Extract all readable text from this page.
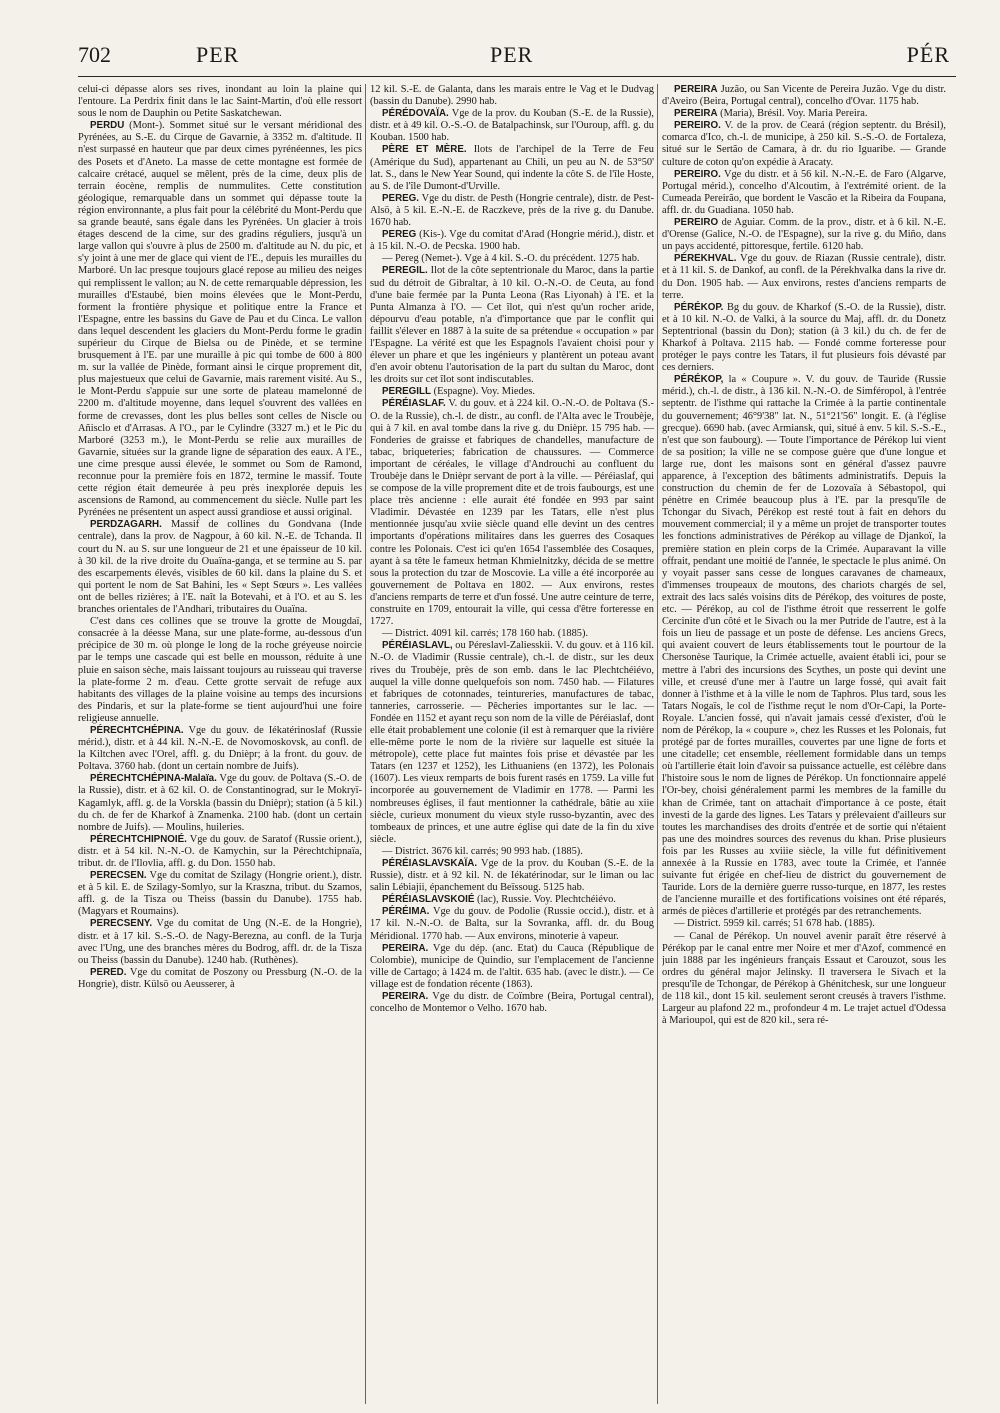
702	PER	PER	PÉR

celui-ci dépasse alors ses rives, inondant au loin la plaine qui l'entoure. La Perdrix finit dans le lac Saint-Martin, d'où elle ressort sous le nom de Dauphin ou Petite Saskatchewan.

PERDU (Mont-). Sommet situé sur le versant méridional des Pyrénées, au S.-E. du Cirque de Gavarnie, à 3352 m. d'altitude. Il n'est surpassé en hauteur que par deux cimes pyrénéennes, les pics des Posets et d'Aneto. La masse de cette montagne est formée de calcaire crétacé, auquel se mêlent, près de la cime, deux plis de terrain éocène, remplis de nummulites. Cette constitution géologique, remarquable dans un sommet qui dépasse toute la région environnante, a plus fait pour la célébrité du Mont-Perdu que sa grande beauté, sans égale dans les Pyrénées. Un glacier à trois étages descend de la cime, sur des gradins réguliers, jusqu'à un large vallon qui s'ouvre à plus de 2500 m. d'altitude au N. du pic, et s'y joint à une mer de glace qui vient de l'E., depuis les murailles du Marboré. Un lac presque toujours glacé repose au milieu des neiges qui remplissent le vallon; au N. de cette remarquable dépression, les murailles d'Estaubé, bien moins élevées que le Mont-Perdu, forment la frontière physique et politique entre la France et l'Espagne, entre les bassins du Gave de Pau et du Cinca. Le vallon dans lequel descendent les glaciers du Mont-Perdu forme le gradin supérieur du Cirque de Bielsa ou de Pinède, et se termine brusquement à l'E. par une muraille à pic qui tombe de 600 à 800 m. sur la vallée de Pinède, formant ainsi le cirque proprement dit, plus majestueux que celui de Gavarnie, mais rarement visité. Au S., le Mont-Perdu s'appuie sur une sorte de plateau mamelonné de 2200 m. d'altitude moyenne, dans lequel s'ouvrent des vallées en forme de crevasses, dont les plus belles sont celles de Niscle ou Añisclo et d'Arrasas. A l'O., par le Cylindre (3327 m.) et le Pic du Marboré (3253 m.), le Mont-Perdu se relie aux murailles de Gavarnie, situées sur la grande ligne de séparation des eaux. A l'E., une cime presque aussi élevée, le sommet ou Som de Ramond, reconnue pour la première fois en 1872, termine le massif. Toute cette région était demeurée à peu près inexplorée depuis les ascensions de Ramond, au commencement du siècle. Nulle part les Pyrénées ne présentent un aspect aussi grandiose et aussi original.

PERDZAGARH. Massif de collines du Gondvana (Inde centrale), dans la prov. de Nagpour, à 60 kil. N.-E. de Tchanda. Il court du N. au S. sur une longueur de 21 et une épaisseur de 10 kil. à 30 kil. de la rive droite du Ouaïna-ganga, et se termine au S. par des escarpements élevés, visibles de 60 kil. dans la plaine du S. et qui portent le nom de Sat Bahini, les « Sept Sœurs ». Les vallées ont de belles rizières; à l'E. naît la Botevahi, et à l'O. et au S. les branches orientales de l'Andhari, tributaires du Ouaïna.

C'est dans ces collines que se trouve la grotte de Mougdaï, consacrée à la déesse Mana, sur une plate-forme, au-dessous d'un précipice de 30 m. où plonge le long de la roche gréyeuse noircie par le temps une cascade qui est belle en mousson, réduite à une pluie en saison sèche, mais laissant toujours au ruisseau qui traverse la plate-forme 2 m. d'eau. Cette grotte servait de refuge aux habitants des villages de la plaine voisine au temps des incursions des Pindaris, et sur la plate-forme se tient aujourd'hui une foire religieuse annuelle.

PÉRECHTCHÉPINA. Vge du gouv. de Iékatérinoslaf (Russie mérid.), distr. et à 44 kil. N.-N.-E. de Novomoskovsk, au confl. de la Kiltchen avec l'Orel, affl. g. du Dnièpr; à la front. du gouv. de Poltava. 3760 hab. (dont un certain nombre de Juifs).

PÉRECHTCHÉPINA-Malaïa. Vge du gouv. de Poltava (S.-O. de la Russie), distr. et à 62 kil. O. de Constantinograd, sur le Mokryï-Kagamlyk, affl. g. de la Vorskla (bassin du Dnièpr); station (à 5 kil.) du ch. de fer de Kharkof à Znamenka. 2100 hab. (dont un certain nombre de Juifs). — Moulins, huileries.

PÉRECHTCHIPNOIÉ. Vge du gouv. de Saratof (Russie orient.), distr. et à 54 kil. N.-N.-O. de Kamychin, sur la Pérechtchipnaïa, tribut. dr. de l'Ilovlia, affl. g. du Don. 1550 hab.

PERECSEN. Vge du comitat de Szilagy (Hongrie orient.), distr. et à 5 kil. E. de Szilagy-Somlyo, sur la Kraszna, tribut. du Szamos, affl. g. de la Tisza ou Theiss (bassin du Danube). 1755 hab. (Magyars et Roumains).

PERECSENY. Vge du comitat de Ung (N.-E. de la Hongrie), distr. et à 17 kil. S.-S.-O. de Nagy-Berezna, au confl. de la Turja avec l'Ung, une des branches mères du Bodrog, affl. dr. de la Tisza ou Theiss (bassin du Danube). 1240 hab. (Ruthènes).

PERED. Vge du comitat de Poszony ou Pressburg (N.-O. de la Hongrie), distr. Külsö ou Aeusserer, à

12 kil. S.-E. de Galanta, dans les marais entre le Vag et le Dudvag (bassin du Danube). 2990 hab.

PÉRÉDOVAÏA. Vge de la prov. du Kouban (S.-E. de la Russie), distr. et à 49 kil. O.-S.-O. de Batalpachinsk, sur l'Ouroup, affl. g. du Kouban. 1500 hab.

PÈRE ET MÈRE. Ilots de l'archipel de la Terre de Feu (Amérique du Sud), appartenant au Chili, un peu au N. de 53°50' lat. S., dans le New Year Sound, qui indente la côte S. de l'île Hoste, au S. de l'île Dumont-d'Urville.

PEREG. Vge du distr. de Pesth (Hongrie centrale), distr. de Pest-Alsö, à 5 kil. E.-N.-E. de Raczkeve, près de la rive g. du Danube. 1670 hab.

PEREG (Kis-). Vge du comitat d'Arad (Hongrie mérid.), distr. et à 15 kil. N.-O. de Pecska. 1900 hab.

— Pereg (Nemet-). Vge à 4 kil. S.-O. du précédent. 1275 hab.

PEREGIL. Ilot de la côte septentrionale du Maroc, dans la partie sud du détroit de Gibraltar, à 10 kil. O.-N.-O. de Ceuta, au fond d'une baie fermée par la Punta Leona (Ras Liyonah) à l'E. et la Punta Almanza à l'O. — Cet îlot, qui n'est qu'un rocher aride, dépourvu d'eau potable, n'a d'importance que par le conflit qui faillit s'élever en 1887 à la suite de sa prétendue « occupation » par l'Espagne. La vérité est que les Espagnols l'avaient choisi pour y élever un phare et que les ingénieurs y plantèrent un poteau avant d'en avoir obtenu l'autorisation de la part du sultan du Maroc, dont les droits sur cet îlot sont indiscutables.

PEREGILL (Espagne). Voy. Miedes.

PÉRÉIASLAF. V. du gouv. et à 224 kil. O.-N.-O. de Poltava (S.-O. de la Russie), ch.-l. de distr., au confl. de l'Alta avec le Troubèje, qui à 7 kil. en aval tombe dans la rive g. du Dnièpr. 15 795 hab. — Fonderies de graisse et fabriques de chandelles, manufacture de tabac, briqueteries; fabrication de chaussures. — Commerce important de céréales, le village d'Androuchi au confluent du Troubèje dans le Dnièpr servant de port à la ville. — Péréiaslaf, qui se compose de la ville proprement dite et de trois faubourgs, est une place très ancienne : elle aurait été fondée en 993 par saint Vladimir. Dévastée en 1239 par les Tatars, elle n'est plus mentionnée jusqu'au xviie siècle quand elle devint un des centres importants d'opérations militaires dans les guerres des Cosaques contre les Polonais. C'est ici qu'en 1654 l'assemblée des Cosaques, ayant à sa tête le fameux hetman Khmielnitzky, décida de se mettre sous la protection du tzar de Moscovie. La ville a été incorporée au gouvernement de Poltava en 1802. — Aux environs, restes d'anciens remparts de terre et d'un fossé. Une autre ceinture de terre, construite en 1709, entourait la ville, qui cessa d'être forteresse en 1727.

— District. 4091 kil. carrés; 178 160 hab. (1885).

PÉRÉIASLAVL, ou Péreslavl-Zaliesskii. V. du gouv. et à 116 kil. N.-O. de Vladimir (Russie centrale), ch.-l. de distr., sur les deux rives du Troubèje, près de son emb. dans le lac Plechtchéiévo, auquel la ville donne quelquefois son nom. 7450 hab. — Filatures et fabriques de cotonnades, teintureries, manufactures de tabac, tanneries, carrosserie. — Pêcheries importantes sur le lac. — Fondée en 1152 et ayant reçu son nom de la ville de Péréiaslaf, dont elle était probablement une colonie (il est à remarquer que la rivière elle-même porte le nom de la rivière sur laquelle est située la métropole), cette place fut maintes fois prise et dévastée par les Tatars (en 1237 et 1252), les Lithuaniens (en 1372), les Polonais (1607). Les vieux remparts de bois furent rasés en 1759. La ville fut incorporée au gouvernement de Vladimir en 1778. — Parmi les nombreuses églises, il faut mentionner la cathédrale, bâtie au xiie siècle, curieux monument du vieux style russo-byzantin, avec des tombeaux de princes, et une autre église qui date de la fin du xive siècle.

— District. 3676 kil. carrés; 90 993 hab. (1885).

PÉRÉIASLAVSKAÏA. Vge de la prov. du Kouban (S.-E. de la Russie), distr. et à 92 kil. N. de Iékatérinodar, sur le liman ou lac salin Lébiajii, épanchement du Beïssoug. 5125 hab.

PÉRÉIASLAVSKOIÉ (lac), Russie. Voy. Plechtchéiévo.

PÉRÉIMA. Vge du gouv. de Podolie (Russie occid.), distr. et à 17 kil. N.-N.-O. de Balta, sur la Sovranka, affl. dr. du Boug Méridional. 1770 hab. — Aux environs, minoterie à vapeur.

PEREIRA. Vge du dép. (anc. Etat) du Cauca (République de Colombie), municipe de Quindio, sur l'emplacement de l'ancienne ville de Cartago; à 1424 m. de l'altit. 635 hab. (avec le distr.). — Ce village est de fondation récente (1863).

PEREIRA. Vge du distr. de Coïmbre (Beira, Portugal central), concelho de Montemor o Velho. 1670 hab.

PEREIRA Juzão, ou San Vicente de Pereira Juzão. Vge du distr. d'Aveiro (Beira, Portugal central), concelho d'Ovar. 1175 hab.

PEREIRA (Maria), Brésil. Voy. Maria Pereira.

PEREIRO. V. de la prov. de Ceará (région septentr. du Brésil), comarca d'Ico, ch.-l. de municipe, à 250 kil. S.-S.-O. de Fortaleza, situé sur le Sertão de Camara, à dr. du rio Iguaribe. — Grande culture de coton qu'on expédie à Aracaty.

PEREIRO. Vge du distr. et à 56 kil. N.-N.-E. de Faro (Algarve, Portugal mérid.), concelho d'Alcoutim, à l'extrémité orient. de la Cumeada Pereirão, que bordent le Vascão et la Ribeira da Foupana, affl. dr. du Guadiana. 1050 hab.

PEREIRO de Aguiar. Comm. de la prov., distr. et à 6 kil. N.-E. d'Orense (Galice, N.-O. de l'Espagne), sur la rive g. du Miño, dans un pays accidenté, pittoresque, fertile. 6120 hab.

PÉREKHVAL. Vge du gouv. de Riazan (Russie centrale), distr. et à 11 kil. S. de Dankof, au confl. de la Pérekhvalka dans la rive dr. du Don. 1905 hab. — Aux environs, restes d'anciens remparts de terre.

PÉRÉKOP. Bg du gouv. de Kharkof (S.-O. de la Russie), distr. et à 10 kil. N.-O. de Valki, à la source du Maj, affl. dr. du Donetz Septentrional (bassin du Don); station (à 3 kil.) du ch. de fer de Kharkof à Poltava. 2115 hab. — Fondé comme forteresse pour protéger le pays contre les Tatars, il fut plusieurs fois dévasté par ces derniers.

PÉRÉKOP, la « Coupure ». V. du gouv. de Tauride (Russie mérid.), ch.-l. de distr., à 136 kil. N.-N.-O. de Simféropol, à l'entrée septentr. de l'isthme qui rattache la Crimée à la partie continentale du gouvernement; 46°9'38" lat. N., 51°21'56" longit. E. (à l'église grecque). 6690 hab. (avec Armiansk, qui, situé à env. 5 kil. S.-S.-E., n'est que son faubourg). — Toute l'importance de Pérékop lui vient de sa position; la ville ne se compose guère que d'une longue et large rue, dont les maisons sont en général d'assez pauvre apparence, à l'exception des bâtiments administratifs. Depuis la construction du chemin de fer de Lozovaïa à Sébastopol, qui pénètre en Crimée beaucoup plus à l'E. par la presqu'île de Tchongar du Sivach, Pérékop est resté tout à fait en dehors du mouvement commercial; il y a même un projet de transporter toutes les fonctions administratives de Pérékop au village de Djankoï, la première station en plein corps de la Crimée. Auparavant la ville offrait, pendant une moitié de l'année, le spectacle le plus animé. On y voyait passer sans cesse de longues caravanes de chameaux, d'immenses troupeaux de moutons, des chariots chargés de sel, extrait des lacs salés voisins dits de Pérékop, des voitures de poste, etc. — Pérékop, au col de l'isthme étroit que resserrent le golfe Cercinite d'un côté et le Sivach ou la mer Putride de l'autre, est à la fois un lieu de passage et un poste de défense. Les anciens Grecs, qui avaient couvert de leurs établissements tout le pourtour de la Chersonèse Taurique, la Crimée actuelle, avaient établi ici, pour se mettre à l'abri des incursions des Scythes, un poste qui devint une ville, et creusé d'une mer à l'autre un large fossé, qui avait fait donner à l'isthme et à la ville le nom de Taphros. Plus tard, sous les Tatars Nogaïs, le col de l'isthme reçut le nom d'Or-Capi, la Porte-Royale. L'ancien fossé, qui n'avait jamais cessé d'exister, d'où le nom de Pérékop, la « coupure », chez les Russes et les Polonais, fut protégé par de fortes murailles, couvertes par une ligne de forts et une citadelle; cet ensemble, réellement formidable dans un temps où l'artillerie était loin d'avoir sa puissance actuelle, est célèbre dans l'histoire sous le nom de lignes de Pérékop. Un fonctionnaire appelé l'Or-bey, choisi généralement parmi les membres de la famille du khan de Crimée, tant on attachait d'importance à ce poste, était investi de la garde des lignes. Les Tatars y prélevaient d'ailleurs sur toutes les marchandises des droits d'entrée et de sortie qui n'étaient pas une des moindres sources des revenus du khan. Prise plusieurs fois par les Russes au xviiie siècle, la ville fut définitivement annexée à la Russie en 1783, avec toute la Crimée, et l'année suivante fut érigée en chef-lieu de district du gouvernement de Tauride. Lors de la dernière guerre russo-turque, en 1877, les restes de l'ancienne muraille et des fortifications voisines ont été réparés, armés de pièces d'artillerie et protégés par des retranchements.

— District. 5959 kil. carrés; 51 678 hab. (1885).

— Canal de Pérékop. Un nouvel avenir paraît être réservé à Pérékop par le canal entre mer Noire et mer d'Azof, commencé en juin 1888 par les ingénieurs français Essaut et Carouzot, sous les ordres du général major Jelinsky. Il traversera le Sivach et la presqu'île de Tchongar, de Pérékop à Ghénitchesk, sur une longueur de 118 kil., dont 15 kil. seulement seront creusés à travers l'isthme. Largeur au plafond 22 m., profondeur 4 m. Le trajet actuel d'Odessa à Marioupol, qui est de 820 kil., sera ré-
